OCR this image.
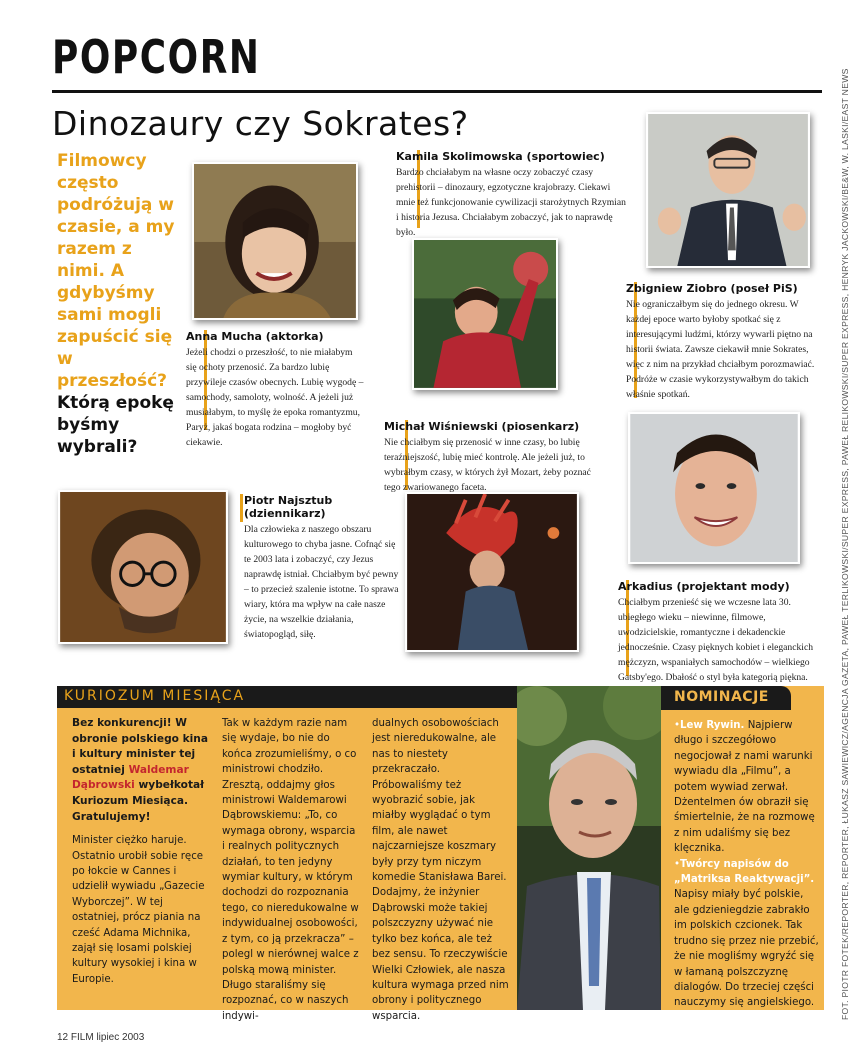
POPCORN
Dinozaury czy Sokrates?
Filmowcy często podróżują w czasie, a my razem z nimi. A gdybyśmy sami mogli zapuścić się w przeszłość? Którą epokę byśmy wybrali?
Anna Mucha (aktorka)
Jeżeli chodzi o przeszłość, to nie miałabym się ochoty przenosić. Za bardzo lubię przywileje czasów obecnych. Lubię wygodę – samochody, samoloty, wolność. A jeżeli już musiałabym, to myślę że epoka romantyzmu, Paryż, jakaś bogata rodzina – mogłoby być ciekawie.
Kamila Skolimowska (sportowiec)
Bardzo chciałabym na własne oczy zobaczyć czasy prehistorii – dinozaury, egzotyczne krajobrazy. Ciekawi mnie też funkcjonowanie cywilizacji starożytnych Rzymian i historia Jezusa. Chciałabym zobaczyć, jak to naprawdę było.
Zbigniew Ziobro (poseł PiS)
Nie ograniczałbym się do jednego okresu. W każdej epoce warto byłoby spotkać się z interesującymi ludźmi, którzy wywarli piętno na historii świata. Zawsze ciekawił mnie Sokrates, więc z nim na przykład chciałbym porozmawiać. Podróże w czasie wykorzystywałbym do takich właśnie spotkań.
Michał Wiśniewski (piosenkarz)
Nie chciałbym się przenosić w inne czasy, bo lubię teraźniejszość, lubię mieć kontrolę. Ale jeżeli już, to wybrałbym czasy, w których żył Mozart, żeby poznać tego zwariowanego faceta.
Piotr Najsztub (dziennikarz)
Dla człowieka z naszego obszaru kulturowego to chyba jasne. Cofnąć się te 2003 lata i zobaczyć, czy Jezus naprawdę istniał. Chciałbym być pewny – to przecież szalenie istotne. To sprawa wiary, która ma wpływ na całe nasze życie, na wszelkie działania, światopogląd, siłę.
Arkadius (projektant mody)
Chciałbym przenieść się we wczesne lata 30. ubiegłego wieku – niewinne, filmowe, uwodzicielskie, romantyczne i dekadenckie jednocześnie. Czasy pięknych kobiet i eleganckich mężczyzn, wspaniałych samochodów – wielkiego Gatsby'ego. Dbałość o styl była kategorią piękna.
KURIOZUM MIESIĄCA

Bez konkurencji! W obronie polskiego kina i kultury minister tej ostatniej Waldemar Dąbrowski wybełkotał Kuriozum Miesiąca. Gratulujemy!

Minister ciężko haruje. Ostatnio urobił sobie ręce po łokcie w Cannes i udzielił wywiadu „Gazecie Wyborczej”. W tej ostatniej, prócz piania na cześć Adama Michnika, zajął się losami polskiej kultury wysokiej i kina w Europie.

Tak w każdym razie nam się wydaje, bo nie do końca zrozumieliśmy, o co ministrowi chodziło. Zresztą, oddajmy głos ministrowi Waldemarowi Dąbrowskiemu: „To, co wymaga obrony, wsparcia i realnych politycznych działań, to ten jedyny wymiar kultury, w którym dochodzi do rozpoznania tego, co nieredukowalne w indywidualnej osobowości, z tym, co ją przekracza” – polegl w nierównej walce z polską mową minister. Długo staraliśmy się rozpoznać, co w naszych indywi-

dualnych osobowościach jest nieredukowalne, ale nas to niestety przekraczało. Próbowaliśmy też wyobrazić sobie, jak miałby wyglądać o tym film, ale nawet najczarniejsze koszmary były przy tym niczym komedie Stanisława Barei. Dodajmy, że inżynier Dąbrowski może takiej polszczyzny używać nie tylko bez końca, ale też bez sensu. To rzeczywiście Wielki Człowiek, ale nasza kultura wymaga przed nim obrony i politycznego wsparcia.

NOMINACJE
•Lew Rywin. Najpierw długo i szczegółowo negocjował z nami warunki wywiadu dla „Filmu”, a potem wywiad zerwał. Dżentelmen ów obraził się śmiertelnie, że na rozmowę z nim udaliśmy się bez klęcznika.
•Twórcy napisów do „Matriksa Reaktywacji”. Napisy miały być polskie, ale gdzieniegdzie zabrakło im polskich czcionek. Tak trudno się przez nie przebić, że nie mogliśmy wgryźć się w łamaną polszczyznę dialogów. Do trzeciej części nauczymy się angielskiego.
12 FILM lipiec 2003
FOT. PIOTR FOTEK/REPORTER, REPORTER, ŁUKASZ SAWIEWICZ/AGENCJA GAZETA, PAWEŁ TERLIKOWSKI/SUPER EXPRESS, PAWEŁ RELIKOWSKI/SUPER EXPRESS, HENRYK JACKOWSKI/BE&W, W. LASKI/EAST NEWS
